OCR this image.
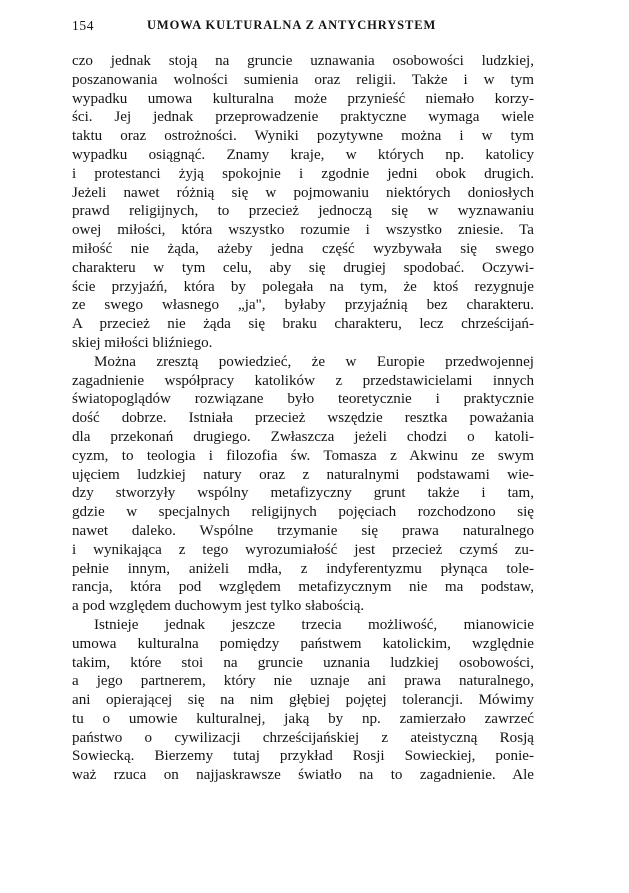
154	UMOWA KULTURALNA Z ANTYCHRYSTEM

czo jednak stoją na gruncie uznawania osobowości ludzkiej,
poszanowania wolności sumienia oraz religii. Także i w tym
wypadku umowa kulturalna może przynieść niemało korzy-
ści. Jej jednak przeprowadzenie praktyczne wymaga wiele
taktu oraz ostrożności. Wyniki pozytywne można i w tym
wypadku osiągnąć. Znamy kraje, w których np. katolicy
i protestanci żyją spokojnie i zgodnie jedni obok drugich.
Jeżeli nawet różnią się w pojmowaniu niektórych doniosłych
prawd religijnych, to przecież jednoczą się w wyznawaniu
owej miłości, która wszystko rozumie i wszystko zniesie. Ta
miłość nie żąda, ażeby jedna część wyzbywała się swego
charakteru w tym celu, aby się drugiej spodobać. Oczywi-
ście przyjaźń, która by polegała na tym, że ktoś rezygnuje
ze swego własnego „ja", byłaby przyjaźnią bez charakteru.
A przecież nie żąda się braku charakteru, lecz chrześcijań-
skiej miłości bliźniego.

Można zresztą powiedzieć, że w Europie przedwojennej
zagadnienie współpracy katolików z przedstawicielami innych
światopoglądów rozwiązane było teoretycznie i praktycznie
dość dobrze. Istniała przecież wszędzie resztka poważania
dla przekonań drugiego. Zwłaszcza jeżeli chodzi o katoli-
cyzm, to teologia i filozofia św. Tomasza z Akwinu ze swym
ujęciem ludzkiej natury oraz z naturalnymi podstawami wie-
dzy stworzyły wspólny metafizyczny grunt także i tam,
gdzie w specjalnych religijnych pojęciach rozchodzono się
nawet daleko. Wspólne trzymanie się prawa naturalnego
i wynikająca z tego wyrozumiałość jest przecież czymś zu-
pełnie innym, aniżeli mdła, z indyferentyzmu płynąca tole-
rancja, która pod względem metafizycznym nie ma podstaw,
a pod względem duchowym jest tylko słabością.

Istnieje jednak jeszcze trzecia możliwość, mianowicie
umowa kulturalna pomiędzy państwem katolickim, względnie
takim, które stoi na gruncie uznania ludzkiej osobowości,
a jego partnerem, który nie uznaje ani prawa naturalnego,
ani opierającej się na nim głębiej pojętej tolerancji. Mówimy
tu o umowie kulturalnej, jaką by np. zamierzało zawrzeć
państwo o cywilizacji chrześcijańskiej z ateistyczną Rosją
Sowiecką. Bierzemy tutaj przykład Rosji Sowieckiej, ponie-
waż rzuca on najjaskrawsze światło na to zagadnienie. Ale
